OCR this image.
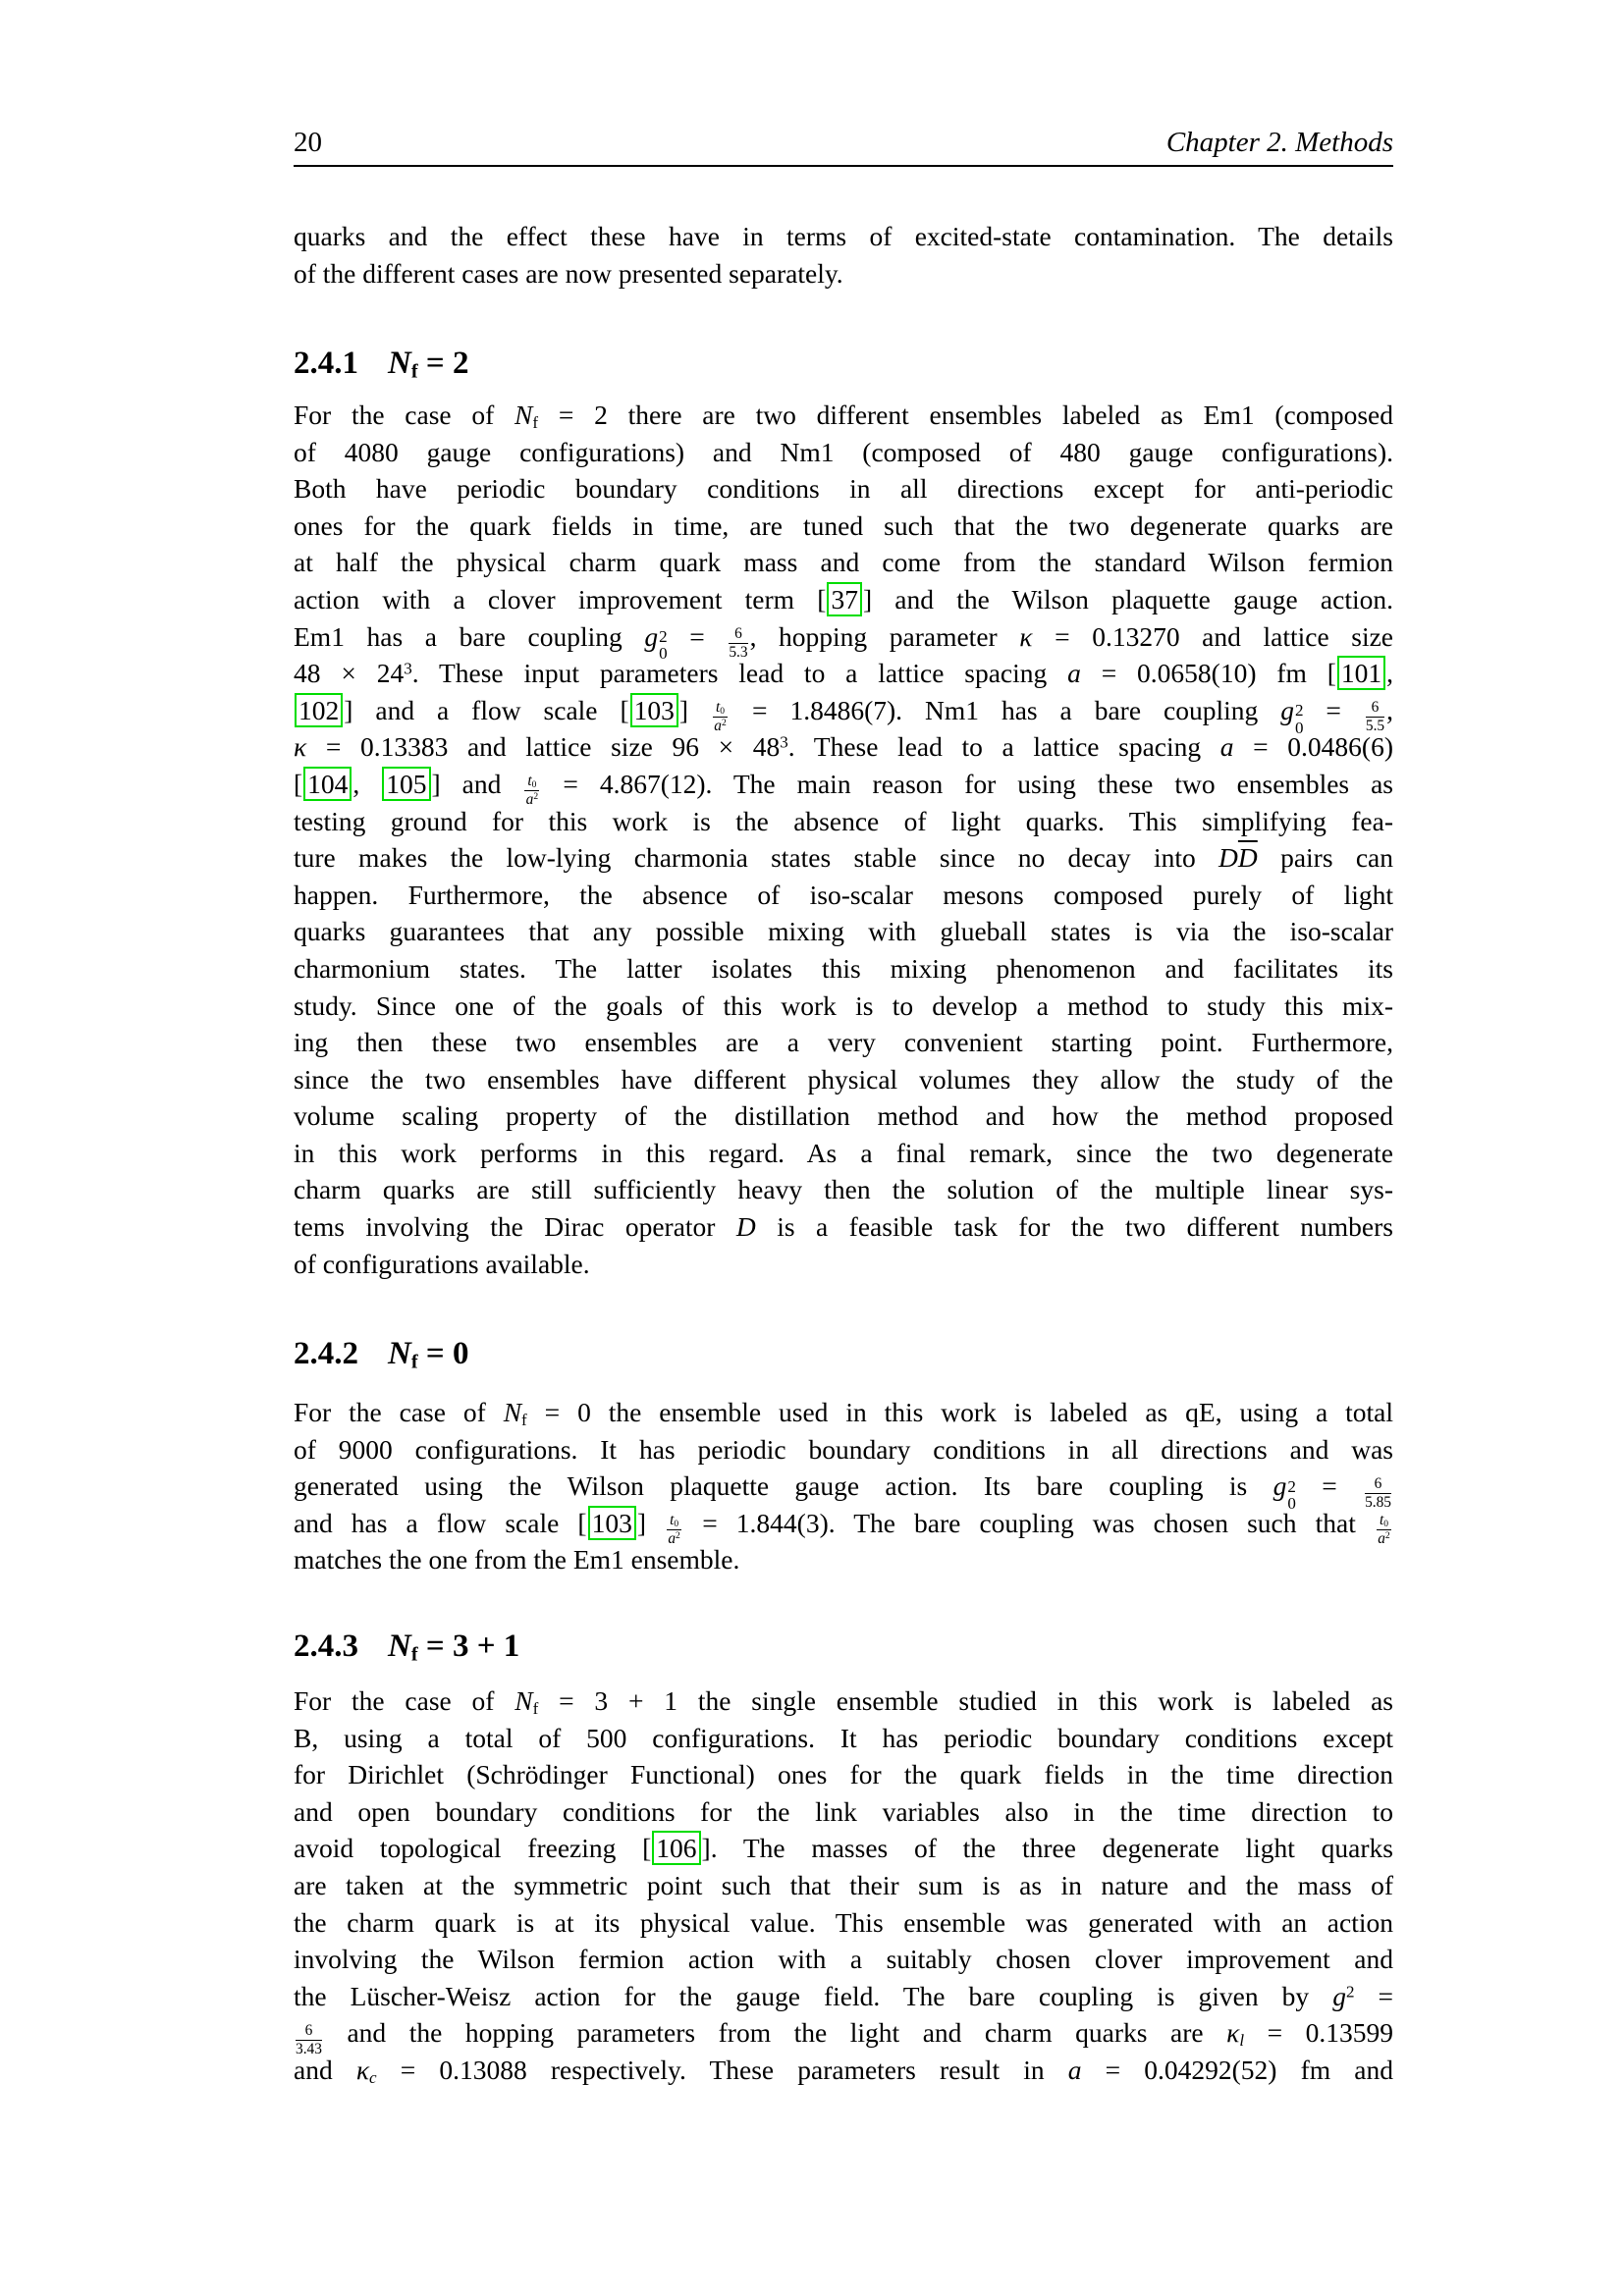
20	Chapter 2. Methods
quarks and the effect these have in terms of excited-state contamination. The details
of the different cases are now presented separately.
2.4.1 $N_f = 2$
For the case of $N_f = 2$ there are two different ensembles labeled as Em1 (composed
of 4080 gauge configurations) and Nm1 (composed of 480 gauge configurations).
Both have periodic boundary conditions in all directions except for anti-periodic
ones for the quark fields in time, are tuned such that the two degenerate quarks are
at half the physical charm quark mass and come from the standard Wilson fermion
action with a clover improvement term [ 37 ] and the Wilson plaquette gauge action.
Em1 has a bare coupling g 2
0
= $\frac{6}{5.3}$ , hopping parameter κ = 0.13270 and lattice size
$48 \times 24^3$. These input parameters lead to a lattice spacing a = 0.0658(10) fm [ 101 ,
102 ] and a flow scale [ 103 ] $\frac{t_0}{a^2} = 1.8486(7)$. Nm1 has a bare coupling g 2
0
= $\frac{6}{5.5}$ ,
κ = 0.13383 and lattice size $96 \times 48^3$. These lead to a lattice spacing a = 0.0486(6)
[ 104 , 105 ] and $\frac{t_0}{a^2} = 4.867(12)$. The main reason for using these two ensembles as
testing ground for this work is the absence of light quarks. This simplifying fea-
ture makes the low-lying charmonia states stable since no decay into $D\overline{D}$ pairs can
happen. Furthermore, the absence of iso-scalar mesons composed purely of light
quarks guarantees that any possible mixing with glueball states is via the iso-scalar
charmonium states. The latter isolates this mixing phenomenon and facilitates its
study. Since one of the goals of this work is to develop a method to study this mix-
ing then these two ensembles are a very convenient starting point. Furthermore,
since the two ensembles have different physical volumes they allow the study of the
volume scaling property of the distillation method and how the method proposed
in this work performs in this regard. As a final remark, since the two degenerate
charm quarks are still sufficiently heavy then the solution of the multiple linear sys-
tems involving the Dirac operator D is a feasible task for the two different numbers
of configurations available.
2.4.2 $N_f = 0$
For the case of $N_f = 0$ the ensemble used in this work is labeled as qE, using a total
of 9000 configurations. It has periodic boundary conditions in all directions and was
generated using the Wilson plaquette gauge action. Its bare coupling is g 2
0
= $\frac{6}{5.85}$
and has a flow scale [ 103 ] $\frac{t_0}{a^2} = 1.844(3)$. The bare coupling was chosen such that $\frac{t_0}{a^2}$
matches the one from the Em1 ensemble.
2.4.3 $N_f = 3 + 1$
For the case of $N_f = 3 + 1$ the single ensemble studied in this work is labeled as
B, using a total of 500 configurations. It has periodic boundary conditions except
for Dirichlet (Schrödinger Functional) ones for the quark fields in the time direction
and open boundary conditions for the link variables also in the time direction to
avoid topological freezing [ 106 ]. The masses of the three degenerate light quarks
are taken at the symmetric point such that their sum is as in nature and the mass of
the charm quark is at its physical value. This ensemble was generated with an action
involving the Wilson fermion action with a suitably chosen clover improvement and
the Lüscher-Weisz action for the gauge field. The bare coupling is given by $g^2$ =
$\frac{6}{3.43}$ and the hopping parameters from the light and charm quarks are $\kappa_l = 0.13599$
and $\kappa_c = 0.13088$ respectively. These parameters result in a = 0.04292(52) fm and
